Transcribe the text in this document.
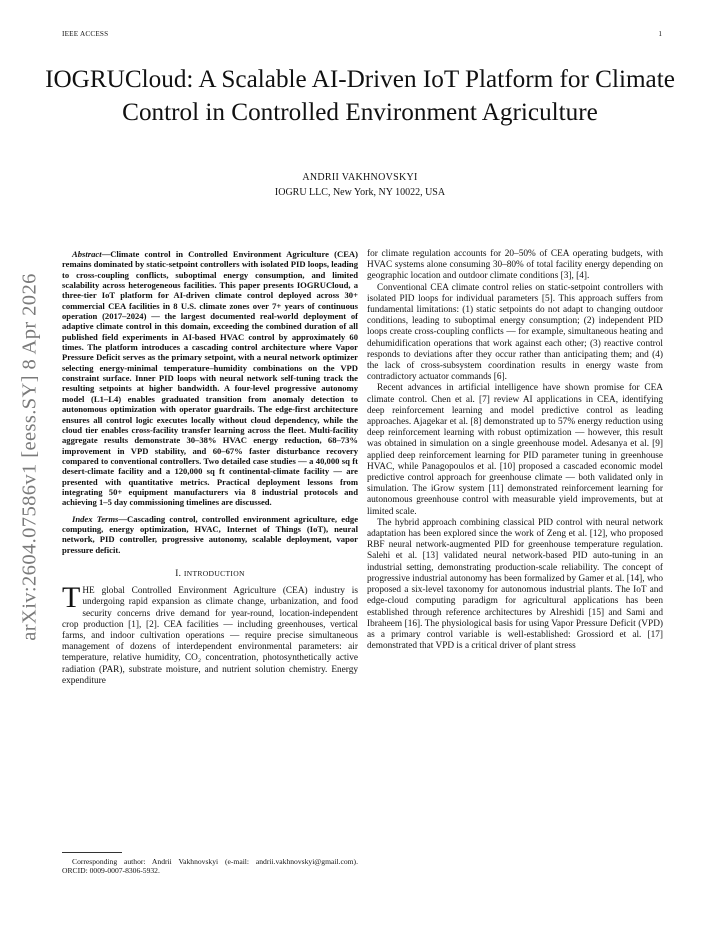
IEEE ACCESS	1
arXiv:2604.07586v1 [eess.SY] 8 Apr 2026
IOGRUCloud: A Scalable AI-Driven IoT Platform for Climate Control in Controlled Environment Agriculture
ANDRII VAKHNOVSKYI
IOGRU LLC, New York, NY 10022, USA

Abstract—Climate control in Controlled Environment Agriculture (CEA) remains dominated by static-setpoint controllers with isolated PID loops, leading to cross-coupling conflicts, suboptimal energy consumption, and limited scalability across heterogeneous facilities. This paper presents IOGRUCloud, a three-tier IoT platform for AI-driven climate control deployed across 30+ commercial CEA facilities in 8 U.S. climate zones over 7+ years of continuous operation (2017–2024) — the largest documented real-world deployment of adaptive climate control in this domain, exceeding the combined duration of all published field experiments in AI-based HVAC control by approximately 60 times. The platform introduces a cascading control architecture where Vapor Pressure Deficit serves as the primary setpoint, with a neural network optimizer selecting energy-minimal temperature–humidity combinations on the VPD constraint surface. Inner PID loops with neural network self-tuning track the resulting setpoints at higher bandwidth. A four-level progressive autonomy model (L1–L4) enables graduated transition from anomaly detection to autonomous optimization with operator guardrails. The edge-first architecture ensures all control logic executes locally without cloud dependency, while the cloud tier enables cross-facility transfer learning across the fleet. Multi-facility aggregate results demonstrate 30–38% HVAC energy reduction, 68–73% improvement in VPD stability, and 60–67% faster disturbance recovery compared to conventional controllers. Two detailed case studies — a 40,000 sq ft desert-climate facility and a 120,000 sq ft continental-climate facility — are presented with quantitative metrics. Practical deployment lessons from integrating 50+ equipment manufacturers via 8 industrial protocols and achieving 1–5 day commissioning timelines are discussed.

Index Terms—Cascading control, controlled environment agriculture, edge computing, energy optimization, HVAC, Internet of Things (IoT), neural network, PID controller, progressive autonomy, scalable deployment, vapor pressure deficit.

I. INTRODUCTION

THE global Controlled Environment Agriculture (CEA) industry is undergoing rapid expansion as climate change, urbanization, and food security concerns drive demand for year-round, location-independent crop production [1], [2]. CEA facilities — including greenhouses, vertical farms, and indoor cultivation operations — require precise simultaneous management of dozens of interdependent environmental parameters: air temperature, relative humidity, CO₂ concentration, photosynthetically active radiation (PAR), substrate moisture, and nutrient solution chemistry. Energy expenditure

Corresponding author: Andrii Vakhnovskyi (e-mail: andrii.vakhnovskyi@gmail.com). ORCID: 0009-0007-8306-5932.

for climate regulation accounts for 20–50% of CEA operating budgets, with HVAC systems alone consuming 30–80% of total facility energy depending on geographic location and outdoor climate conditions [3], [4].

Conventional CEA climate control relies on static-setpoint controllers with isolated PID loops for individual parameters [5]. This approach suffers from fundamental limitations: (1) static setpoints do not adapt to changing outdoor conditions, leading to suboptimal energy consumption; (2) independent PID loops create cross-coupling conflicts — for example, simultaneous heating and dehumidification operations that work against each other; (3) reactive control responds to deviations after they occur rather than anticipating them; and (4) the lack of cross-subsystem coordination results in energy waste from contradictory actuator commands [6].

Recent advances in artificial intelligence have shown promise for CEA climate control. Chen et al. [7] review AI applications in CEA, identifying deep reinforcement learning and model predictive control as leading approaches. Ajagekar et al. [8] demonstrated up to 57% energy reduction using deep reinforcement learning with robust optimization — however, this result was obtained in simulation on a single greenhouse model. Adesanya et al. [9] applied deep reinforcement learning for PID parameter tuning in greenhouse HVAC, while Panagopoulos et al. [10] proposed a cascaded economic model predictive control approach for greenhouse climate — both validated only in simulation. The iGrow system [11] demonstrated reinforcement learning for autonomous greenhouse control with measurable yield improvements, but at limited scale.

The hybrid approach combining classical PID control with neural network adaptation has been explored since the work of Zeng et al. [12], who proposed RBF neural network-augmented PID for greenhouse temperature regulation. Salehi et al. [13] validated neural network-based PID auto-tuning in an industrial setting, demonstrating production-scale reliability. The concept of progressive industrial autonomy has been formalized by Gamer et al. [14], who proposed a six-level taxonomy for autonomous industrial plants. The IoT and edge-cloud computing paradigm for agricultural applications has been established through reference architectures by Alreshidi [15] and Sami and Ibraheem [16]. The physiological basis for using Vapor Pressure Deficit (VPD) as a primary control variable is well-established: Grossiord et al. [17] demonstrated that VPD is a critical driver of plant stress
